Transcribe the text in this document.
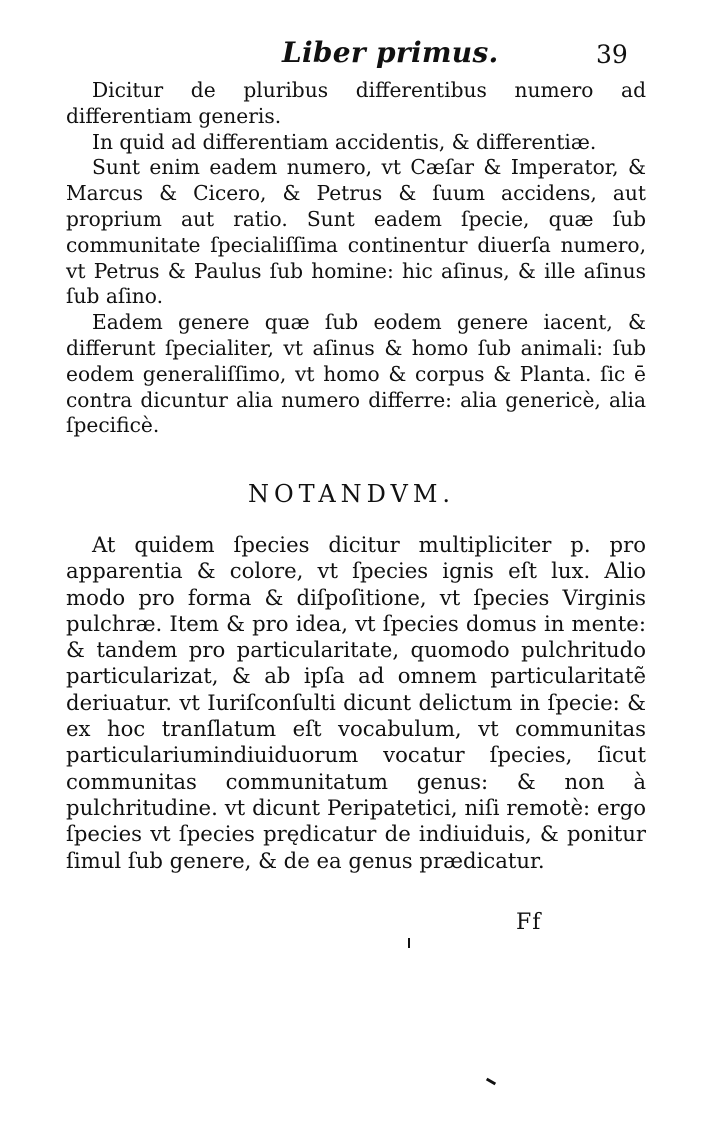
Liber primus.	39

Dicitur de pluribus differentibus numero ad differentiam generis.

In quid ad differentiam accidentis, & differentiæ.

Sunt enim eadem numero, vt Cæſar & Imperator, & Marcus & Cicero, & Petrus & ſuum accidens, aut proprium aut ratio. Sunt eadem ſpecie, quæ ſub communitate ſpecialiſſima continentur diuerſa numero, vt Petrus & Paulus ſub homine: hic aſinus, & ille aſinus ſub aſino.

Eadem genere quæ ſub eodem genere iacent, & differunt ſpecialiter, vt aſinus & homo ſub animali: ſub eodem generaliſſimo, vt homo & corpus & Planta. ſic ē contra dicuntur alia numero differre: alia genericè, alia ſpecificè.

NOTANDVM.

At quidem ſpecies dicitur multipliciter p. pro apparentia & colore, vt ſpecies ignis eſt lux. Alio modo pro forma & diſpoſitione, vt ſpecies Virginis pulchræ. Item & pro idea, vt ſpecies domus in mente: & tandem pro particularitate, quomodo pulchritudo particularizat, & ab ipſa ad omnem particularitatẽ deriuatur. vt Iuriſconſulti dicunt delictum in ſpecie: & ex hoc tranſlatum eſt vocabulum, vt communitas particulariumindiuiduorum vocatur ſpecies, ſicut communitas communitatum genus: & non à pulchritudine. vt dicunt Peripatetici, niſi remotè: ergo ſpecies vt ſpecies prędicatur de indiuiduis, & ponitur ſimul ſub genere, & de ea genus prædicatur.

Ff
